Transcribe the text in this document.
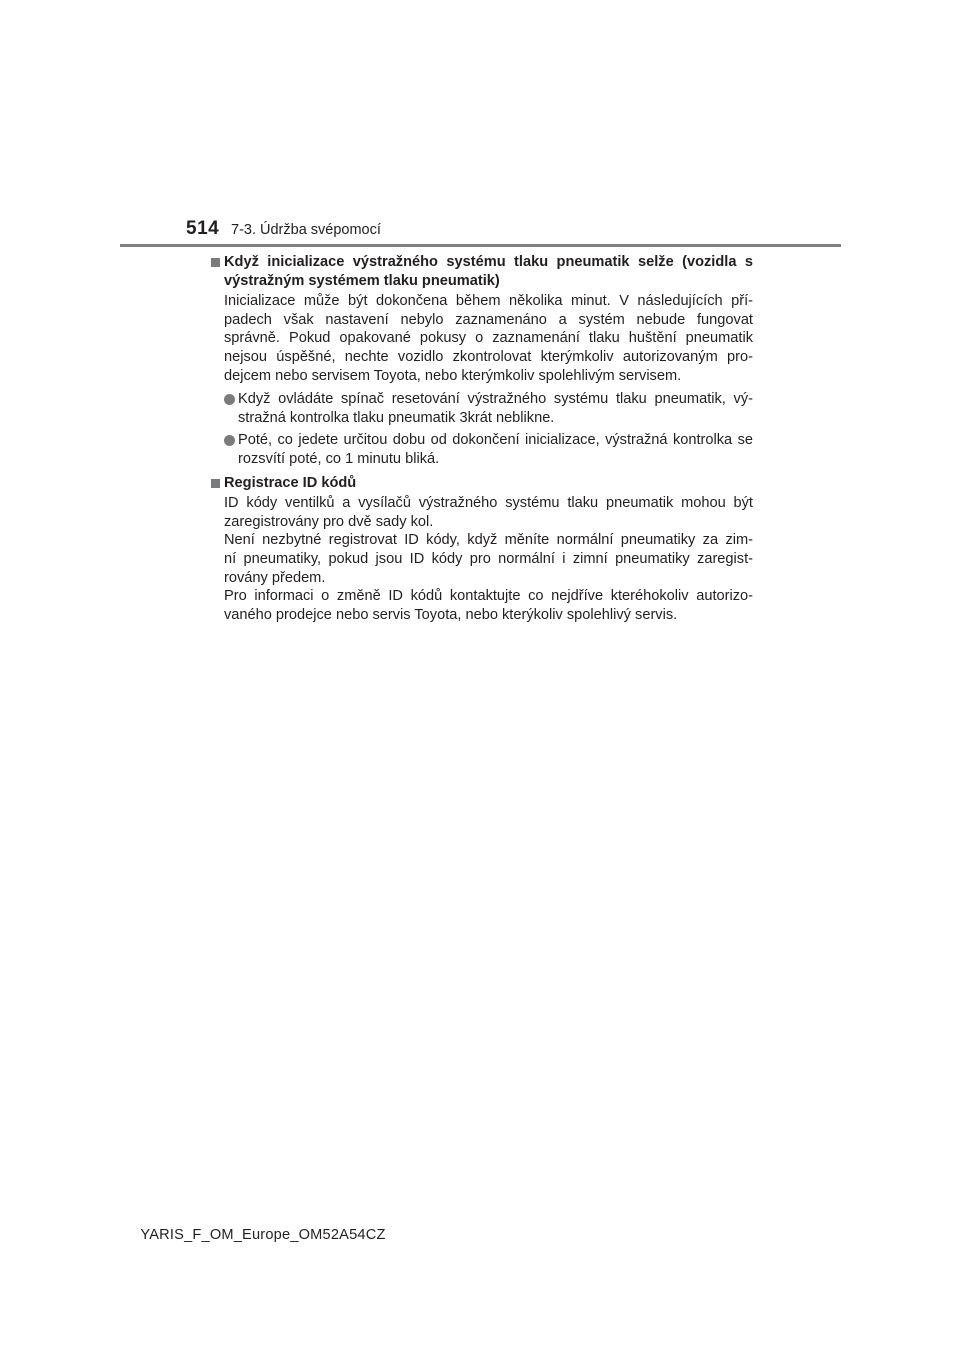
514 7-3. Údržba svépomocí
Když inicializace výstražného systému tlaku pneumatik selže (vozidla s výstražným systémem tlaku pneumatik)
Inicializace může být dokončena během několika minut. V následujících pří-
padech však nastavení nebylo zaznamenáno a systém nebude fungovat
správně. Pokud opakované pokusy o zaznamenání tlaku huštění pneumatik
nejsou úspěšné, nechte vozidlo zkontrolovat kterýmkoliv autorizovaným pro-
dejcem nebo servisem Toyota, nebo kterýmkoliv spolehlivým servisem.
Když ovládáte spínač resetování výstražného systému tlaku pneumatik, vý-stražná kontrolka tlaku pneumatik 3krát neblikne.
Poté, co jedete určitou dobu od dokončení inicializace, výstražná kontrolka se rozsvítí poté, co 1 minutu bliká.
Registrace ID kódů
ID kódy ventilků a vysílačů výstražného systému tlaku pneumatik mohou být
zaregistrovány pro dvě sady kol.
Není nezbytné registrovat ID kódy, když měníte normální pneumatiky za zim-
ní pneumatiky, pokud jsou ID kódy pro normální i zimní pneumatiky zaregist-
rovány předem.
Pro informaci o změně ID kódů kontaktujte co nejdříve kteréhokoliv autorizo-
vaného prodejce nebo servis Toyota, nebo kterýkoliv spolehlivý servis.
YARIS_F_OM_Europe_OM52A54CZ
